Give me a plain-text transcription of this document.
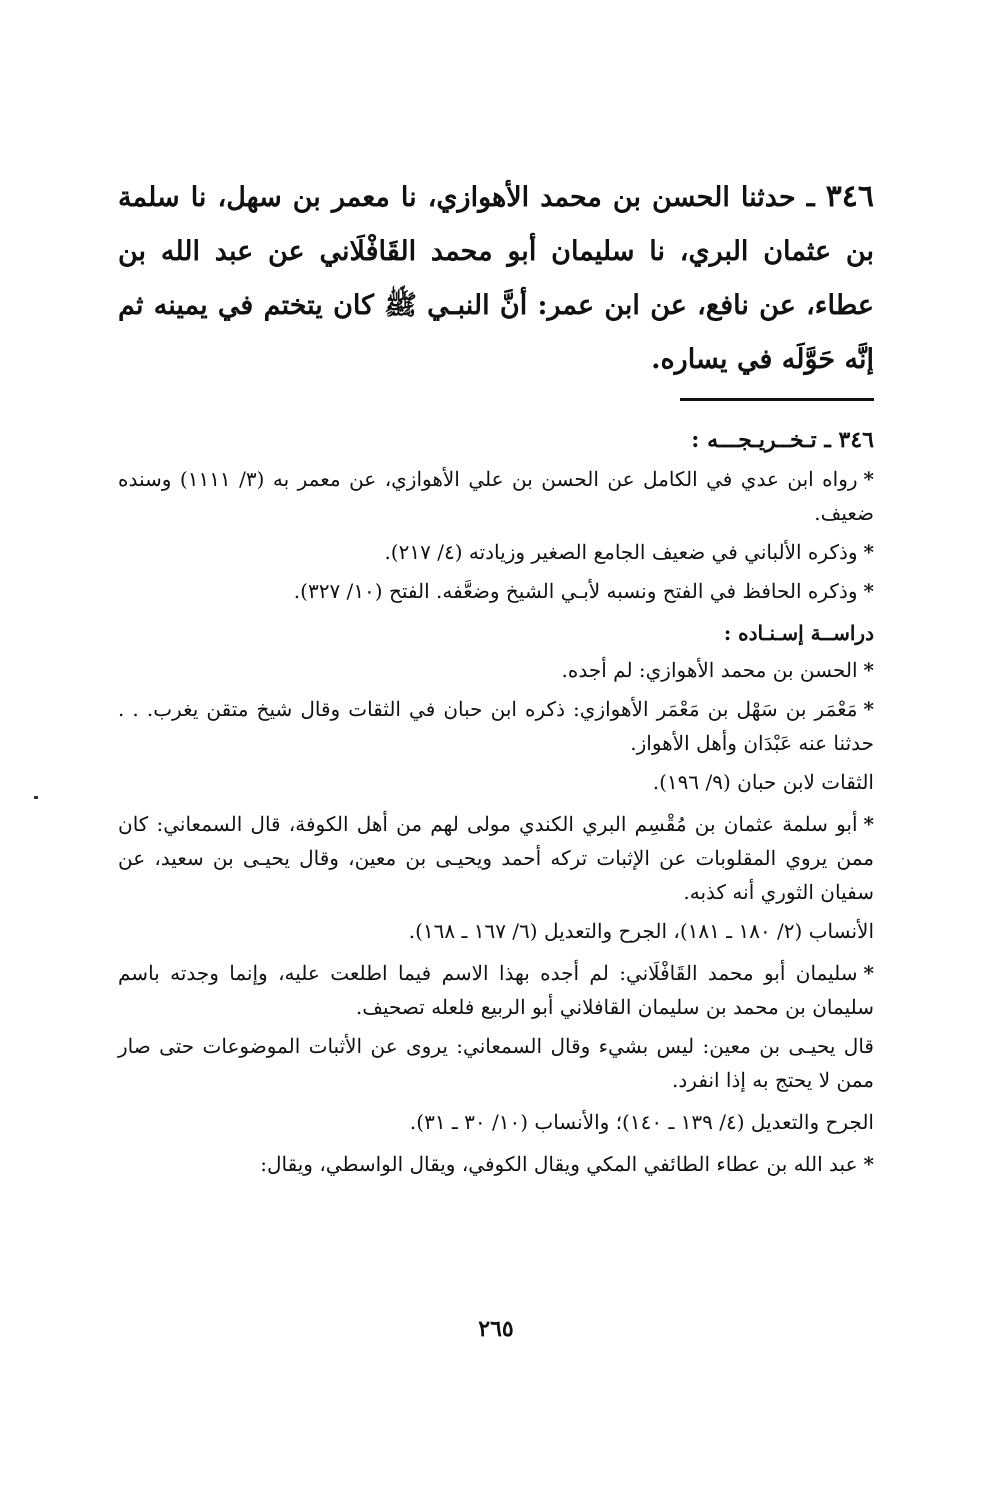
٣٤٦ ـ حدثنا الحسن بن محمد الأهوازي، نا معمر بن سهل، نا سلمة بن عثمان البري، نا سليمان أبو محمد القَافْلَاني عن عبد الله بن عطاء، عن نافع، عن ابن عمر: أنَّ النبـي ﷺ كان يتختم في يمينه ثم إنَّه حَوَّلَه في يساره.
٣٤٦ ـ تـخــريـجـــه :
*رواه ابن عدي في الكامل عن الحسن بن علي الأهوازي، عن معمر به (٣/ ١١١١) وسنده ضعيف.
*وذكره الألباني في ضعيف الجامع الصغير وزيادته (٤/ ٢١٧).
*وذكره الحافظ في الفتح ونسبه لأبـي الشيخ وضعَّفه. الفتح (١٠/ ٣٢٧).
دراســة إسـنـاده :
*الحسن بن محمد الأهوازي: لم أجده.
*مَعْمَر بن سَهْل بن مَعْمَر الأهوازي: ذكره ابن حبان في الثقات وقال شيخ متقن يغرب. . . حدثنا عنه عَبْدَان وأهل الأهواز.
الثقات لابن حبان (٩/ ١٩٦).
*أبو سلمة عثمان بن مُقْسِم البري الكندي مولى لهم من أهل الكوفة، قال السمعاني: كان ممن يروي المقلوبات عن الإثبات تركه أحمد ويحيـى بن معين، وقال يحيـى بن سعيد، عن سفيان الثوري أنه كذبه.
الأنساب (٢/ ١٨٠ ـ ١٨١)، الجرح والتعديل (٦/ ١٦٧ ـ ١٦٨).
*سليمان أبو محمد القَافْلَاني: لم أجده بهذا الاسم فيما اطلعت عليه، وإنما وجدته باسم سليمان بن محمد بن سليمان القافلاني أبو الربيع فلعله تصحيف.
قال يحيـى بن معين: ليس بشيء وقال السمعاني: يروى عن الأثبات الموضوعات حتى صار ممن لا يحتج به إذا انفرد.
الجرح والتعديل (٤/ ١٣٩ ـ ١٤٠)؛ والأنساب (١٠/ ٣٠ ـ ٣١).
*عبد الله بن عطاء الطائفي المكي ويقال الكوفي، ويقال الواسطي، ويقال:
٢٦٥
